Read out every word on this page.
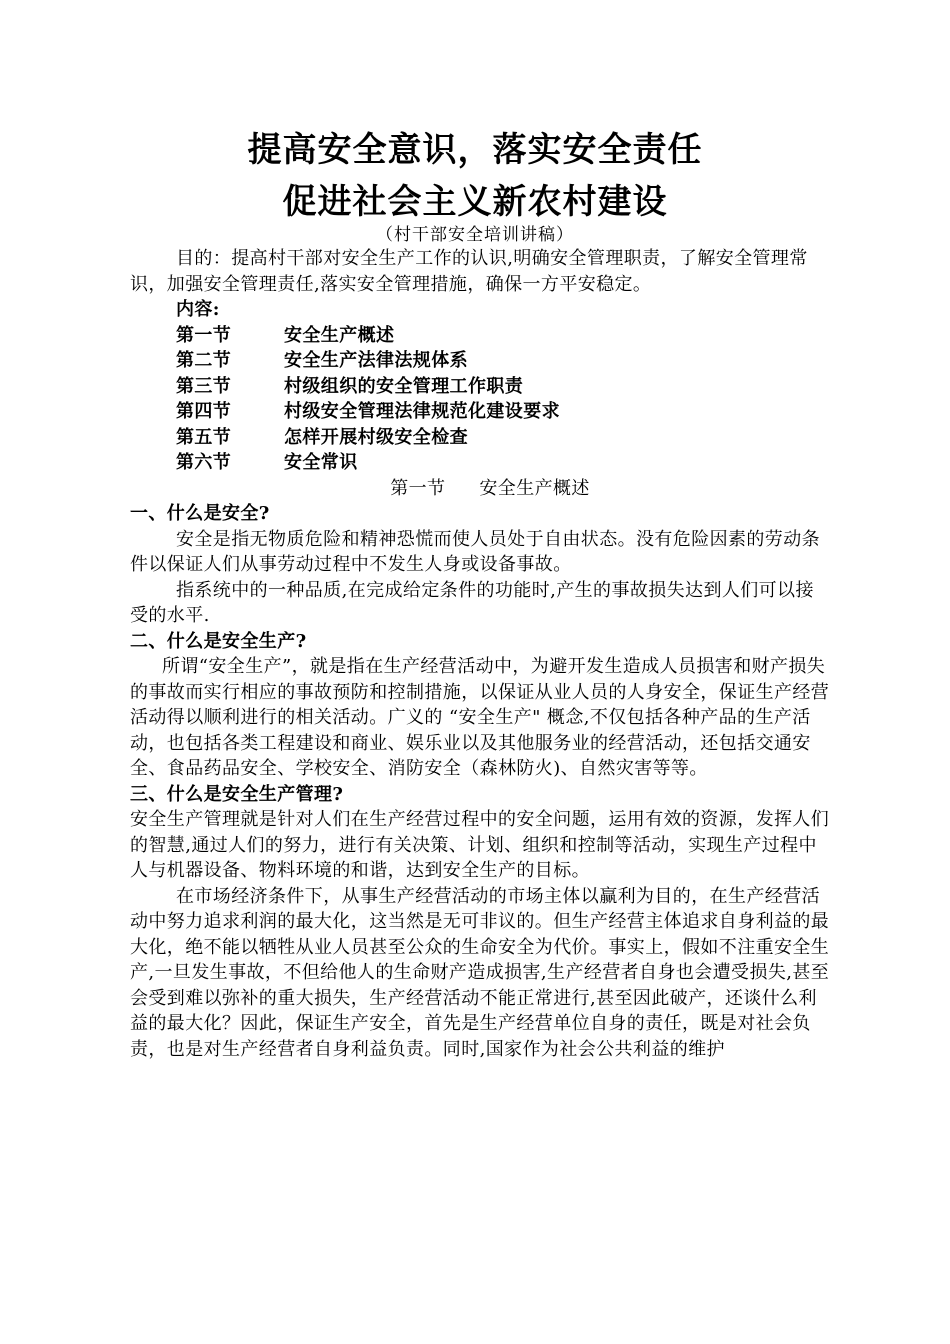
提高安全意识，落实安全责任
促进社会主义新农村建设
（村干部安全培训讲稿）

目的：提高村干部对安全生产工作的认识,明确安全管理职责，了解安全管理常识，加强安全管理责任,落实安全管理措施，确保一方平安稳定。

内容:

第一节	安全生产概述
第二节	安全生产法律法规体系
第三节	村级组织的安全管理工作职责
第四节	村级安全管理法律规范化建设要求
第五节	怎样开展村级安全检查
第六节	安全常识

第一节 安全生产概述

一、什么是安全?

安全是指无物质危险和精神恐慌而使人员处于自由状态。没有危险因素的劳动条件以保证人们从事劳动过程中不发生人身或设备事故。

指系统中的一种品质,在完成给定条件的功能时,产生的事故损失达到人们可以接受的水平.

二、什么是安全生产?

所谓“安全生产”，就是指在生产经营活动中，为避开发生造成人员损害和财产损失的事故而实行相应的事故预防和控制措施，以保证从业人员的人身安全，保证生产经营活动得以顺利进行的相关活动。广义的 “安全生产" 概念,不仅包括各种产品的生产活动，也包括各类工程建设和商业、娱乐业以及其他服务业的经营活动，还包括交通安全、食品药品安全、学校安全、消防安全（森林防火)、自然灾害等等。

三、什么是安全生产管理?

安全生产管理就是针对人们在生产经营过程中的安全问题，运用有效的资源，发挥人们的智慧,通过人们的努力，进行有关决策、计划、组织和控制等活动，实现生产过程中人与机器设备、物料环境的和谐，达到安全生产的目标。

在市场经济条件下，从事生产经营活动的市场主体以赢利为目的，在生产经营活动中努力追求利润的最大化，这当然是无可非议的。但生产经营主体追求自身利益的最大化，绝不能以牺牲从业人员甚至公众的生命安全为代价。事实上，假如不注重安全生产,一旦发生事故，不但给他人的生命财产造成损害,生产经营者自身也会遭受损失,甚至会受到难以弥补的重大损失，生产经营活动不能正常进行,甚至因此破产，还谈什么利益的最大化？因此，保证生产安全，首先是生产经营单位自身的责任，既是对社会负责，也是对生产经营者自身利益负责。同时,国家作为社会公共利益的维护
